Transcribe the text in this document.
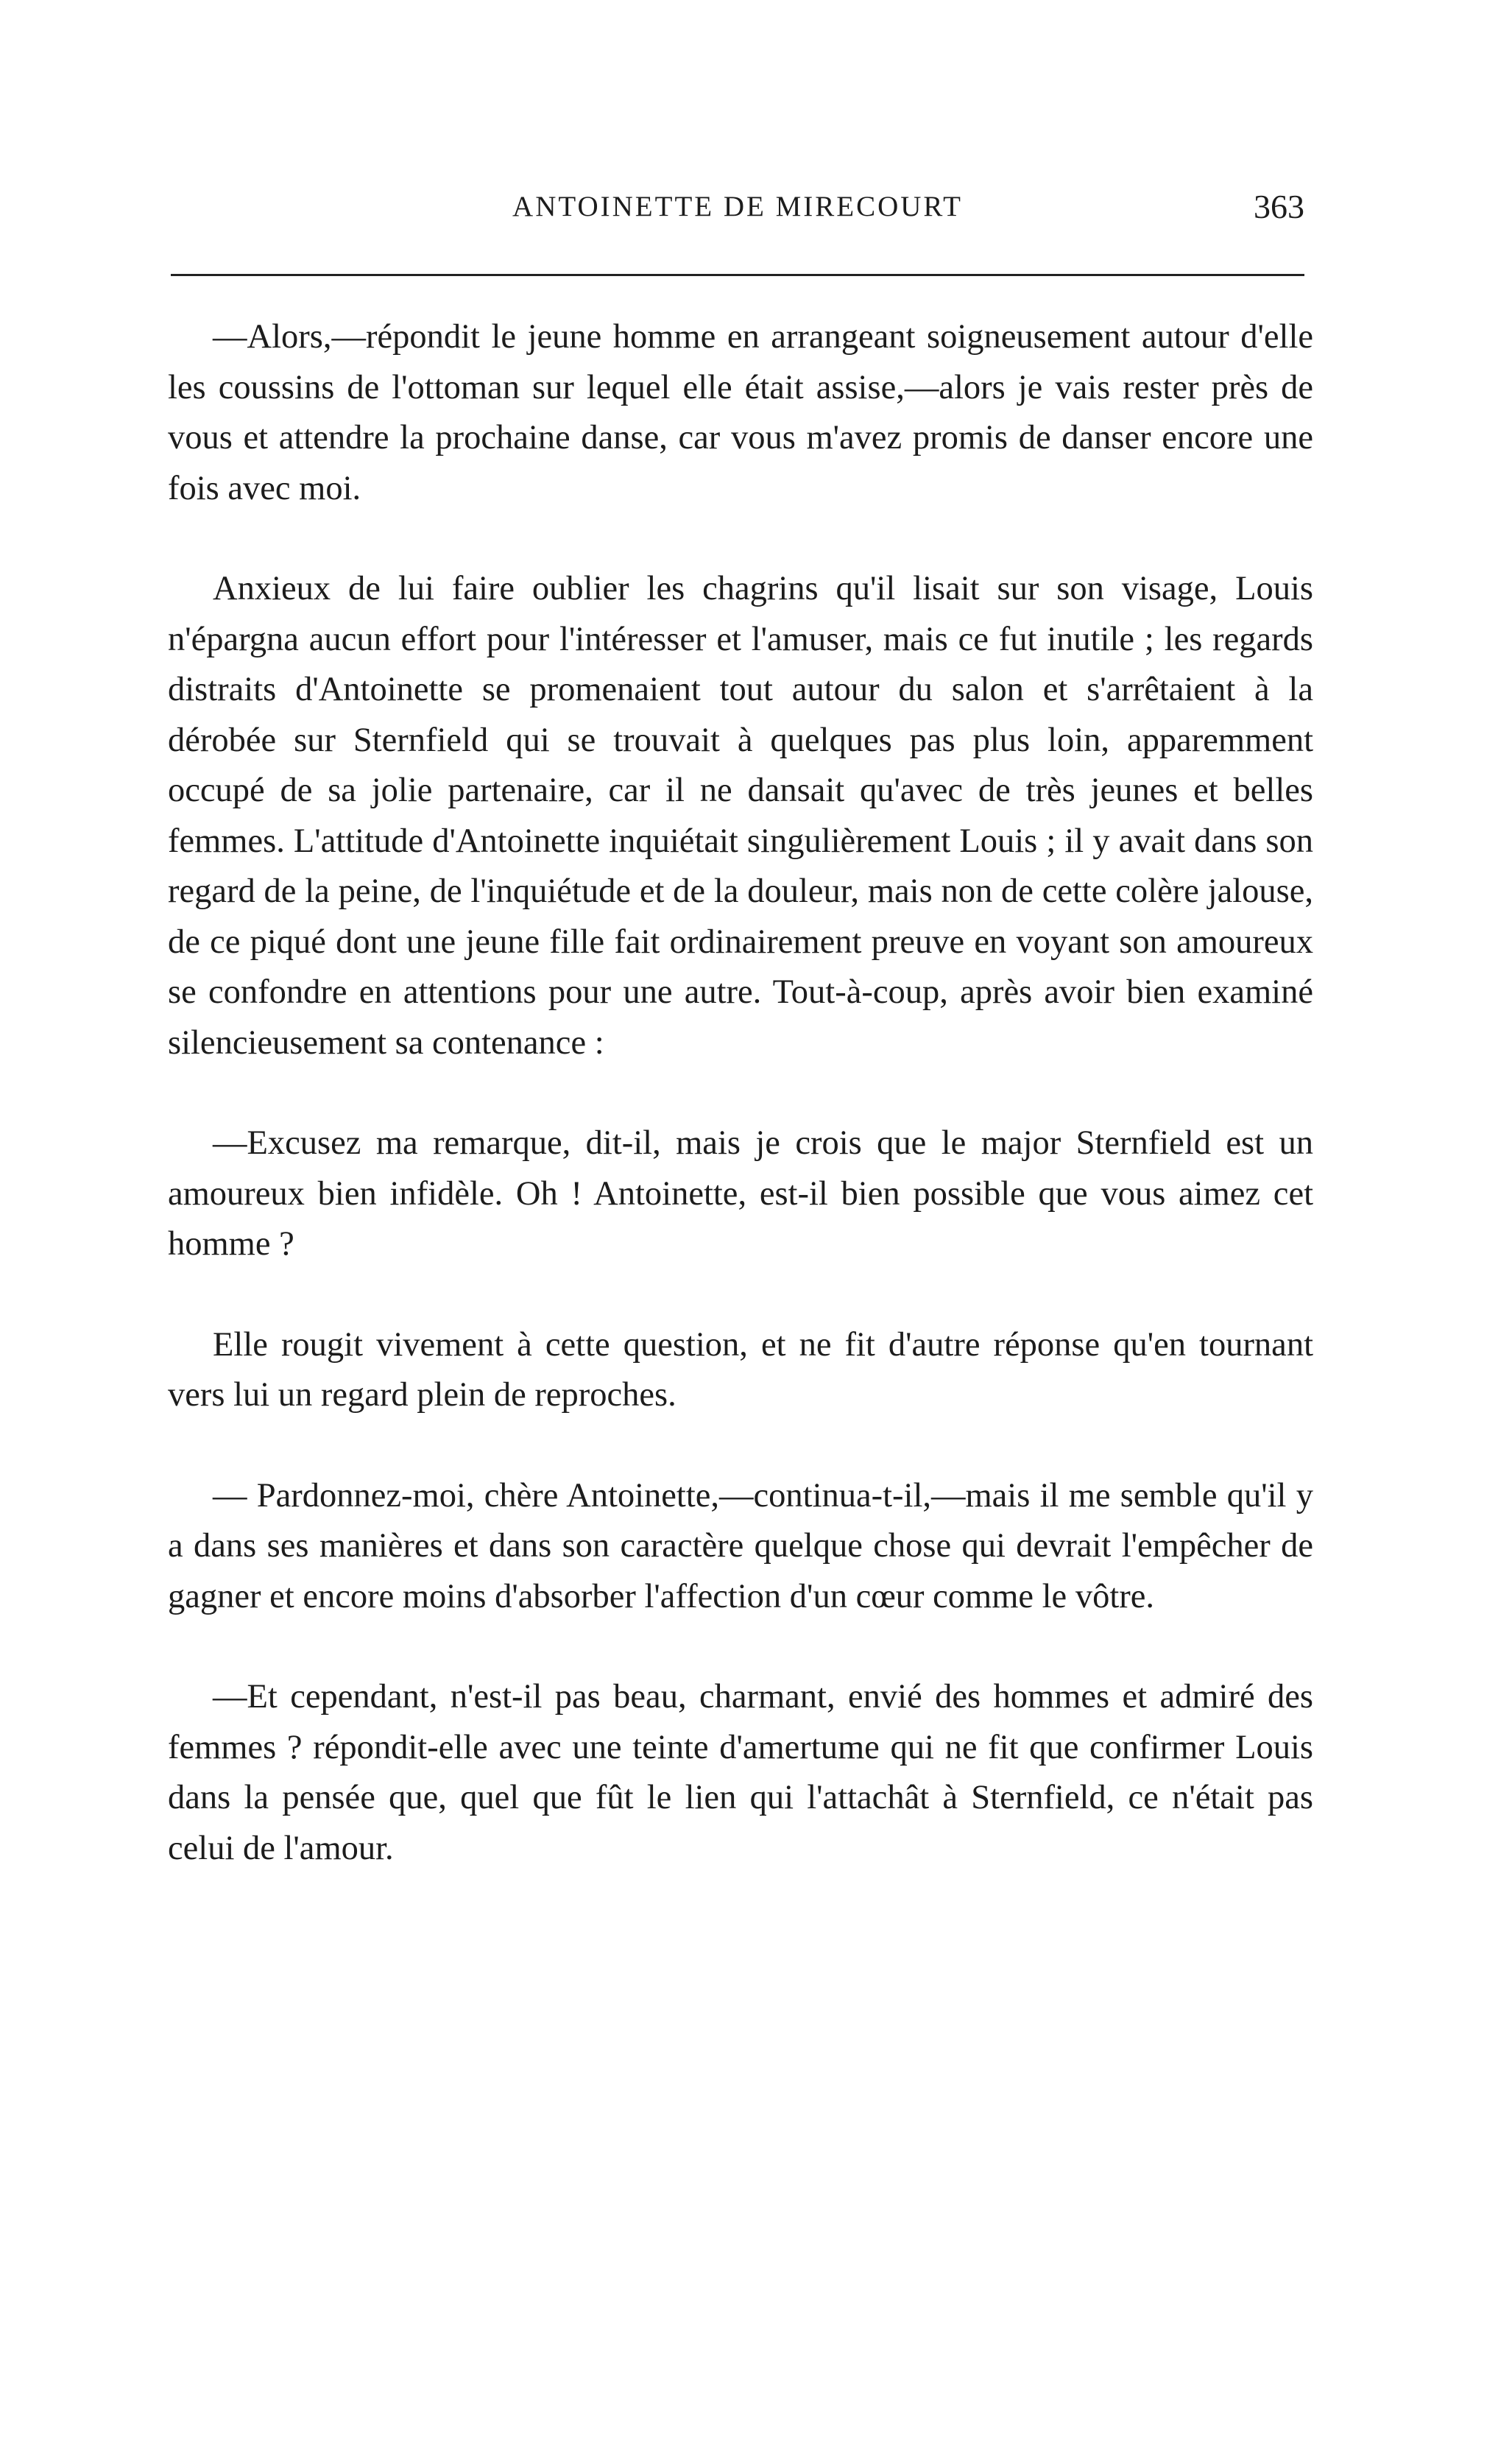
ANTOINETTE DE MIRECOURT	363

—Alors,—répondit le jeune homme en arrangeant soigneusement autour d'elle les coussins de l'ottoman sur lequel elle était assise,—alors je vais rester près de vous et attendre la prochaine danse, car vous m'avez promis de danser encore une fois avec moi.

Anxieux de lui faire oublier les chagrins qu'il lisait sur son visage, Louis n'épargna aucun effort pour l'intéresser et l'amuser, mais ce fut inutile ; les regards distraits d'Antoinette se promenaient tout autour du salon et s'arrêtaient à la dérobée sur Sternfield qui se trouvait à quelques pas plus loin, apparemment occupé de sa jolie partenaire, car il ne dansait qu'avec de très jeunes et belles femmes. L'attitude d'Antoinette inquiétait singulièrement Louis ; il y avait dans son regard de la peine, de l'inquiétude et de la douleur, mais non de cette colère jalouse, de ce piqué dont une jeune fille fait ordinairement preuve en voyant son amoureux se confondre en attentions pour une autre. Tout-à-coup, après avoir bien examiné silencieusement sa contenance :

—Excusez ma remarque, dit-il, mais je crois que le major Sternfield est un amoureux bien infidèle. Oh ! Antoinette, est-il bien possible que vous aimez cet homme ?

Elle rougit vivement à cette question, et ne fit d'autre réponse qu'en tournant vers lui un regard plein de reproches.

— Pardonnez-moi, chère Antoinette,—continua-t-il,—mais il me semble qu'il y a dans ses manières et dans son caractère quelque chose qui devrait l'empêcher de gagner et encore moins d'absorber l'affection d'un cœur comme le vôtre.

—Et cependant, n'est-il pas beau, charmant, envié des hommes et admiré des femmes ? répondit-elle avec une teinte d'amertume qui ne fit que confirmer Louis dans la pensée que, quel que fût le lien qui l'attachât à Sternfield, ce n'était pas celui de l'amour.
